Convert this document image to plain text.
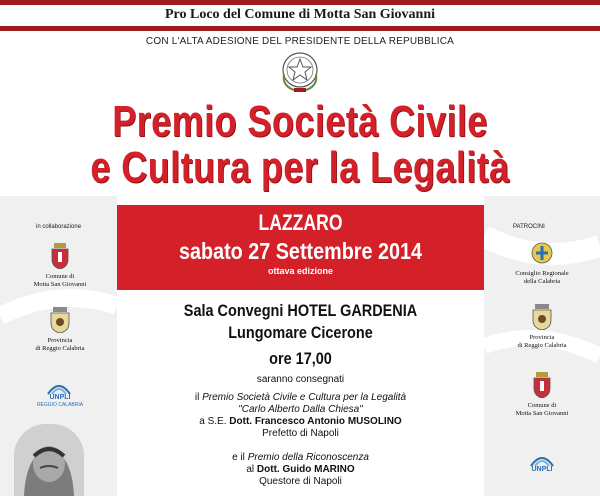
Pro Loco del Comune di Motta San Giovanni
CON L'ALTA ADESIONE DEL PRESIDENTE DELLA REPUBBLICA
Premio Società Civile
e Cultura per la Legalità
in collaborazione
Comune di
Motta San Giovanni
Provincia
di Reggio Calabria
UNPLI
REGGIO CALABRIA
PATROCINI
Consiglio Regionale
della Calabria
Provincia
di Reggio Calabria
Comune di
Motta San Giovanni
UNPLI
LAZZARO
sabato 27 Settembre 2014
ottava edizione
Sala Convegni HOTEL GARDENIA
Lungomare Cicerone
ore 17,00
saranno consegnati
il Premio Società Civile e Cultura per la Legalità
"Carlo Alberto Dalla Chiesa"
a S.E. Dott. Francesco Antonio MUSOLINO
Prefetto di Napoli
e il Premio della Riconoscenza
al Dott. Guido MARINO
Questore di Napoli
